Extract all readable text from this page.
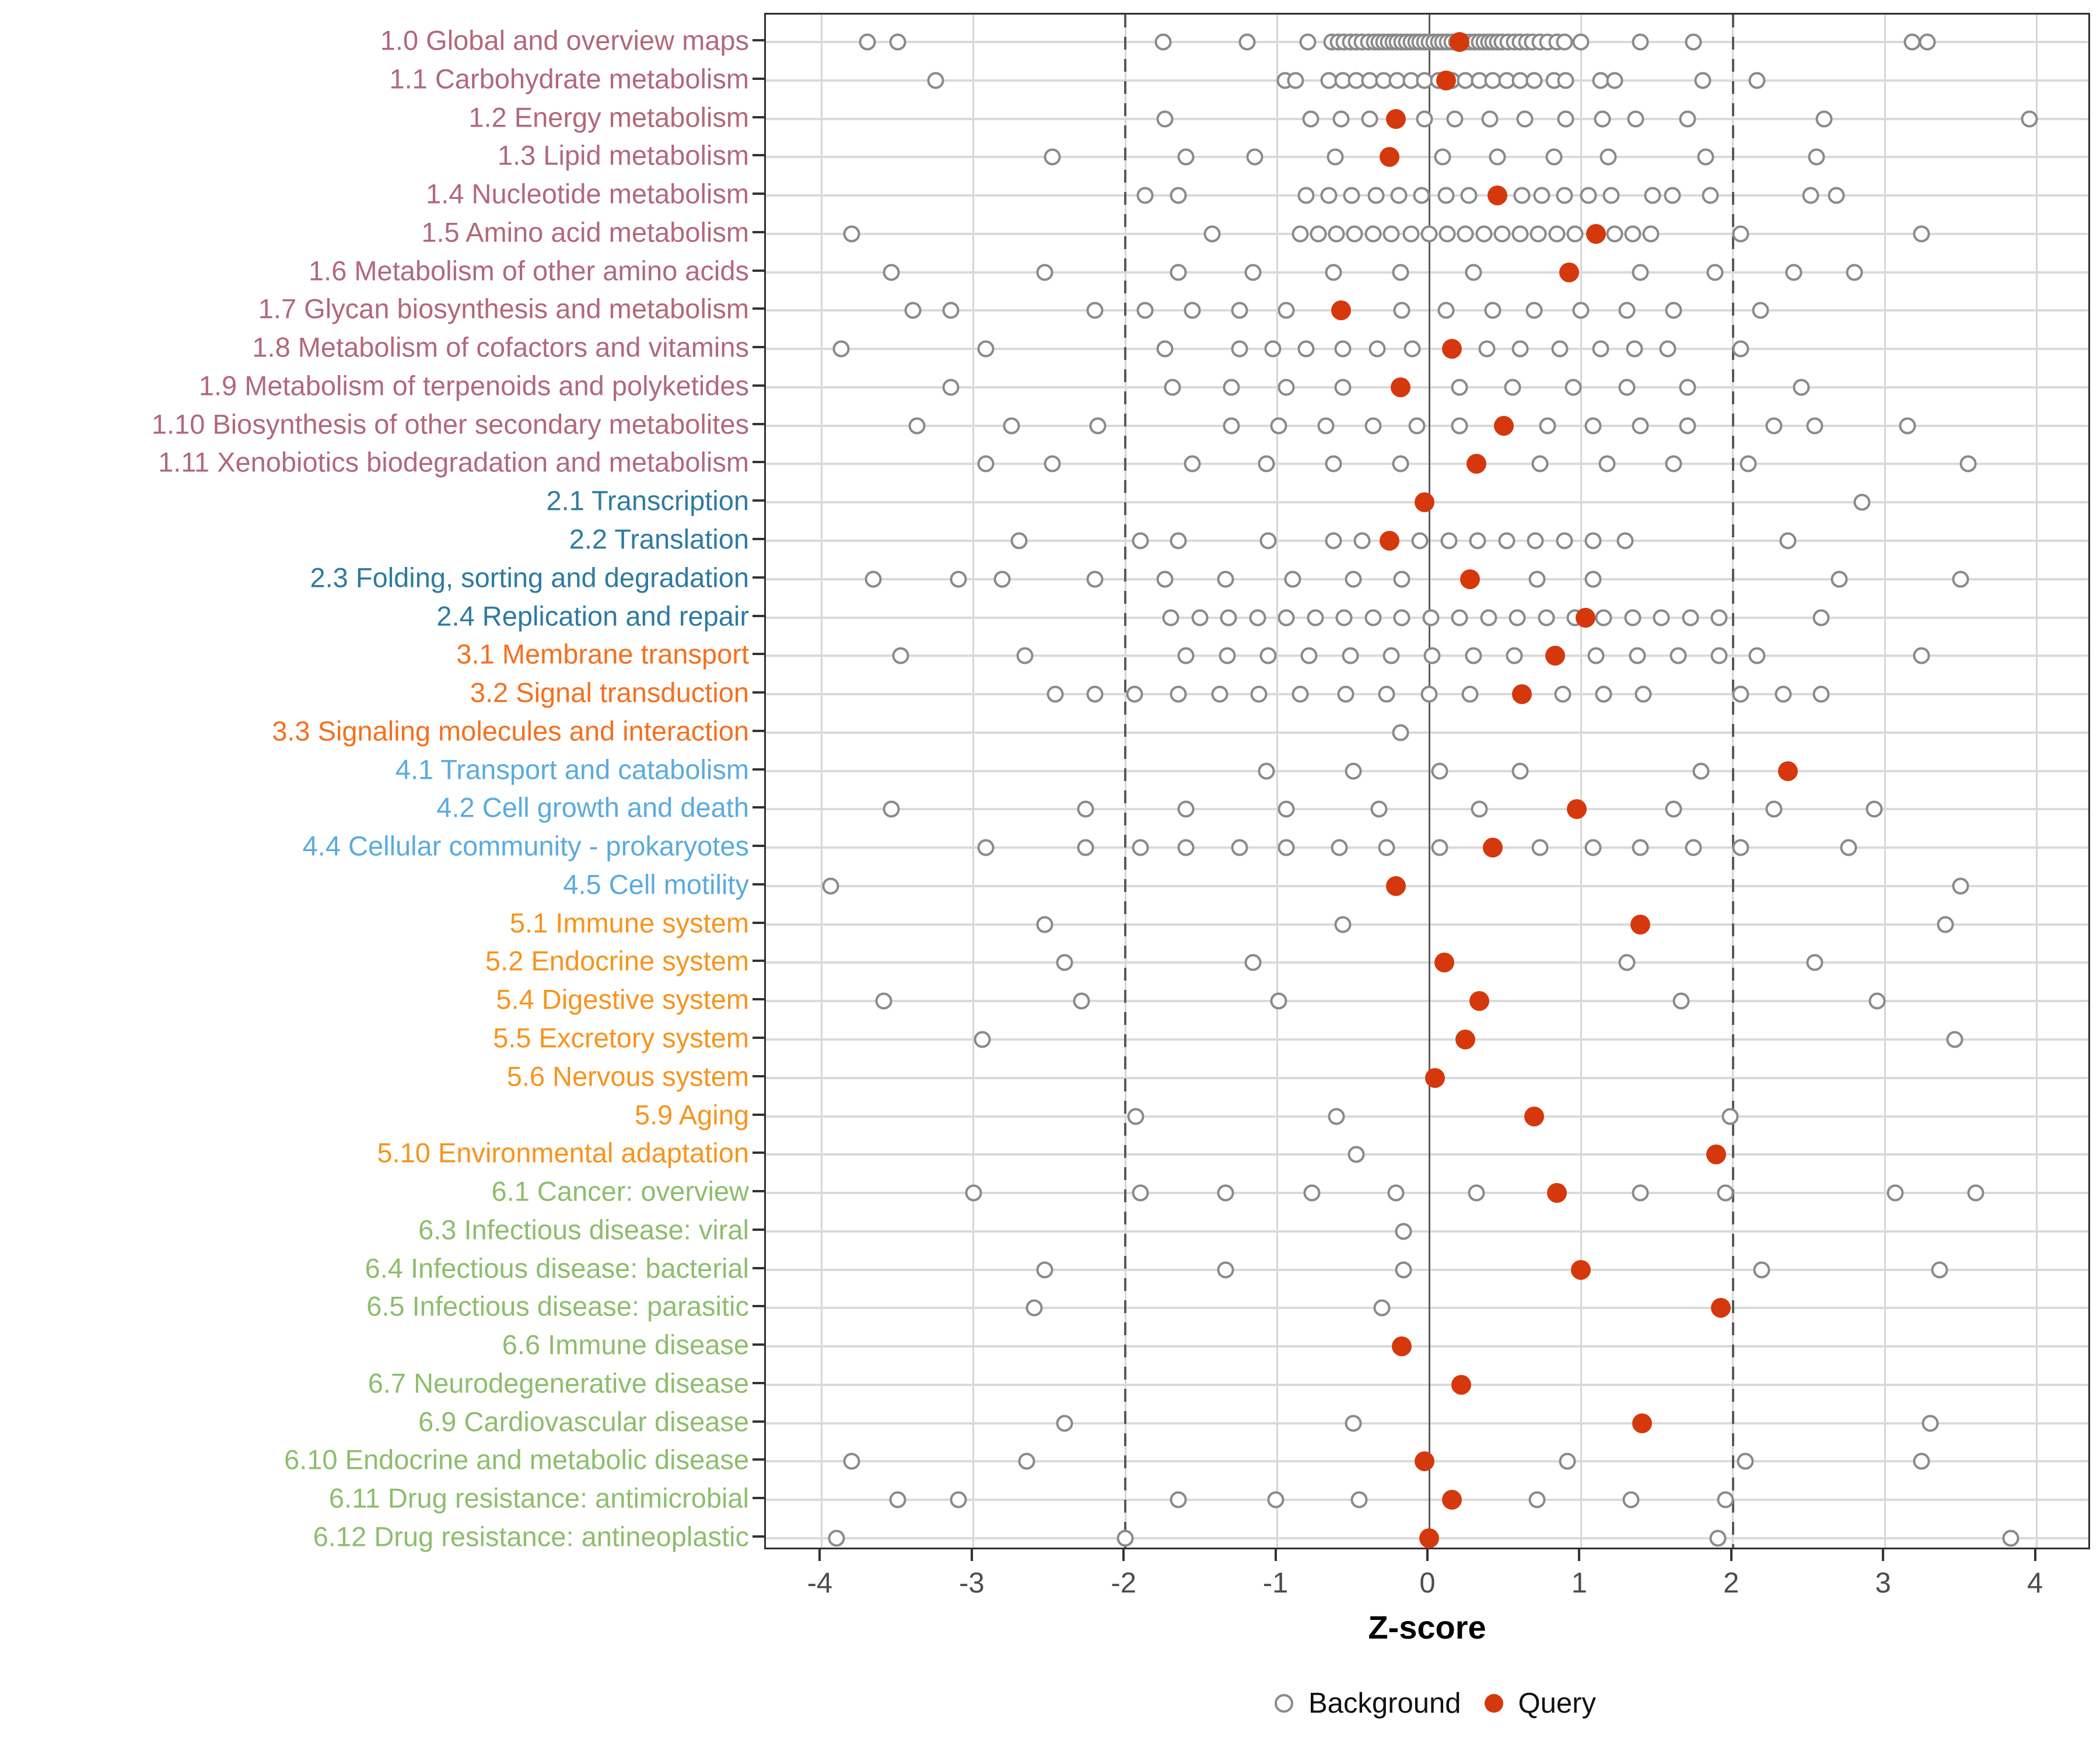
1.0 Global and overview maps
1.1 Carbohydrate metabolism
1.2 Energy metabolism
1.3 Lipid metabolism
1.4 Nucleotide metabolism
1.5 Amino acid metabolism
1.6 Metabolism of other amino acids
1.7 Glycan biosynthesis and metabolism
1.8 Metabolism of cofactors and vitamins
1.9 Metabolism of terpenoids and polyketides
1.10 Biosynthesis of other secondary metabolites
1.11 Xenobiotics biodegradation and metabolism
2.1 Transcription
2.2 Translation
2.3 Folding, sorting and degradation
2.4 Replication and repair
3.1 Membrane transport
3.2 Signal transduction
3.3 Signaling molecules and interaction
4.1 Transport and catabolism
4.2 Cell growth and death
4.4 Cellular community - prokaryotes
4.5 Cell motility
5.1 Immune system
5.2 Endocrine system
5.4 Digestive system
5.5 Excretory system
5.6 Nervous system
5.9 Aging
5.10 Environmental adaptation
6.1 Cancer: overview
6.3 Infectious disease: viral
6.4 Infectious disease: bacterial
6.5 Infectious disease: parasitic
6.6 Immune disease
6.7 Neurodegenerative disease
6.9 Cardiovascular disease
6.10 Endocrine and metabolic disease
6.11 Drug resistance: antimicrobial
6.12 Drug resistance: antineoplastic
-4	-3	-2	-1	0	1	2	3	4
Z-score
Background Query
